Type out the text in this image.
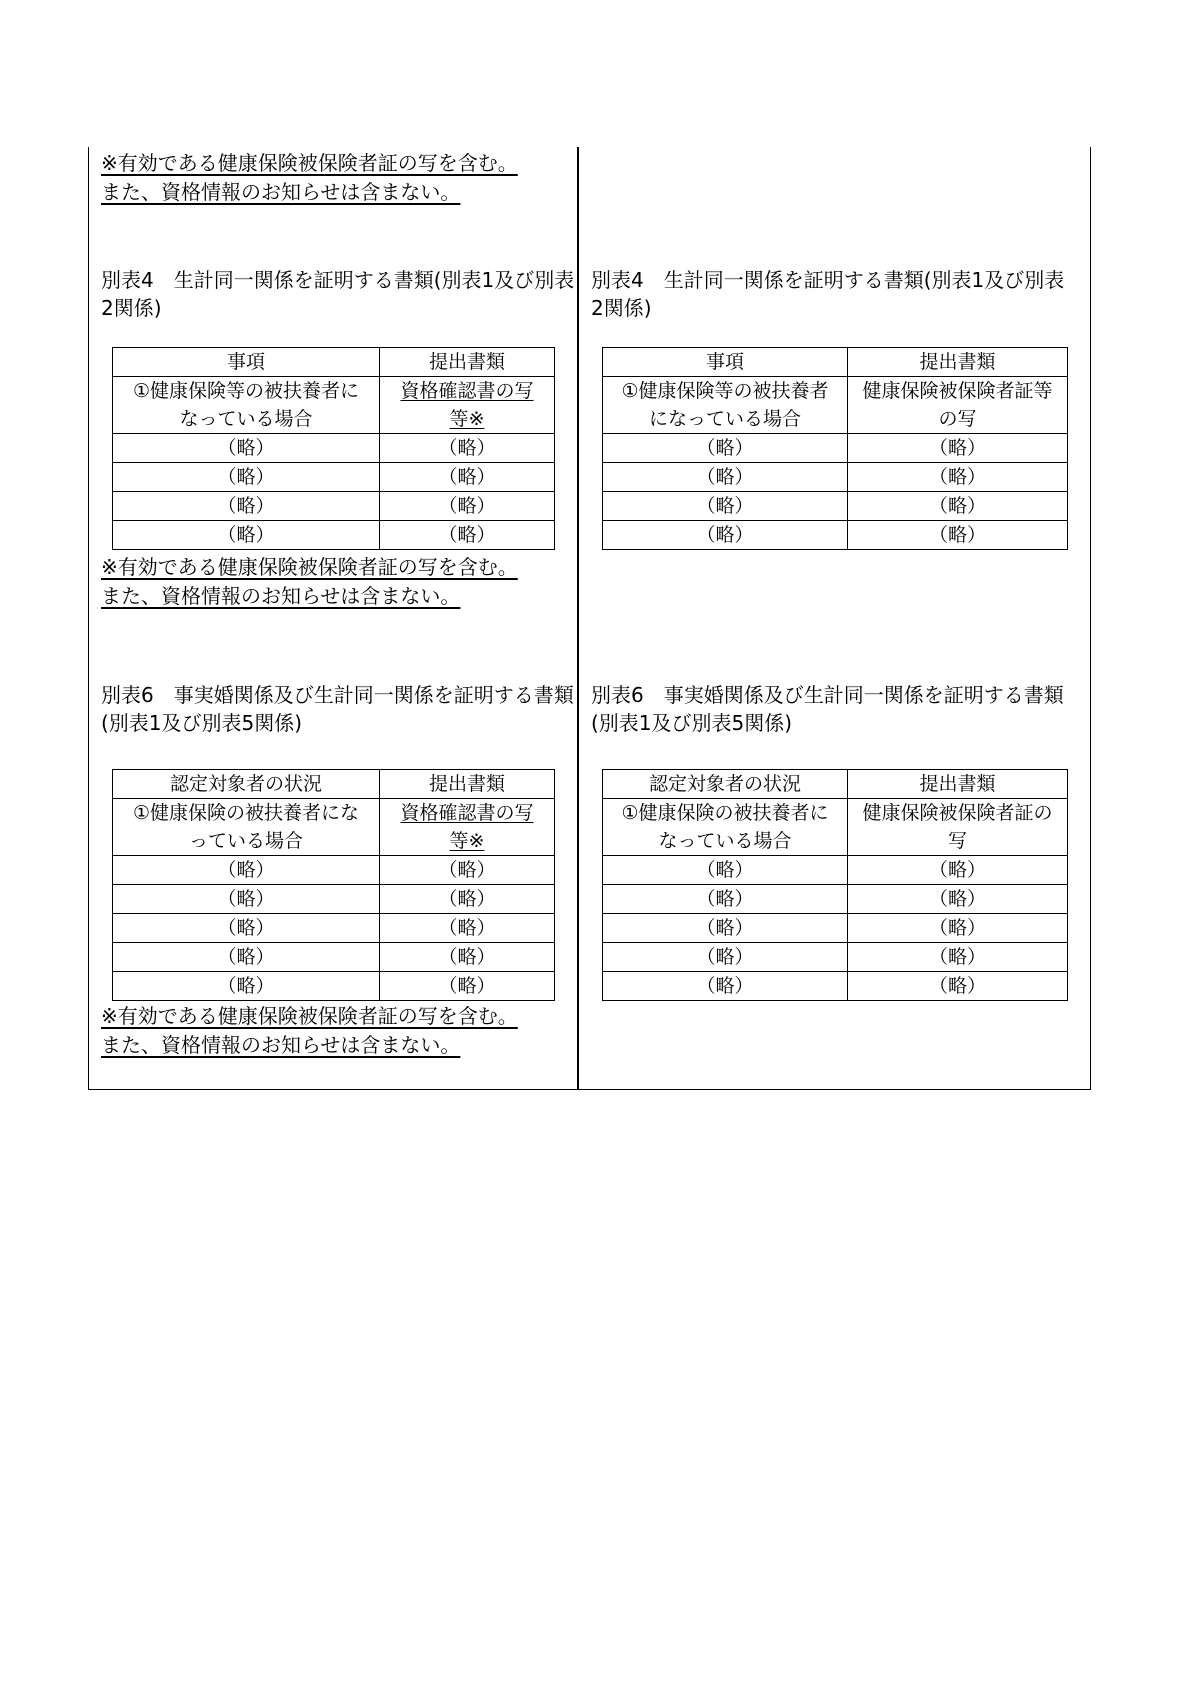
※有効である健康保険被保険者証の写を含む。
また、資格情報のお知らせは含まない。
別表4　生計同一関係を証明する書類(別表1及び別表2関係)
事項	提出書類
①健康保険等の被扶養者になっている場合	資格確認書の写等※
（略）	（略）
（略）	（略）
（略）	（略）
（略）	（略）
※有効である健康保険被保険者証の写を含む。
また、資格情報のお知らせは含まない。
別表6　事実婚関係及び生計同一関係を証明する書類(別表1及び別表5関係)
認定対象者の状況	提出書類
①健康保険の被扶養者になっている場合	資格確認書の写等※
（略）	（略）
（略）	（略）
（略）	（略）
（略）	（略）
（略）	（略）
※有効である健康保険被保険者証の写を含む。
また、資格情報のお知らせは含まない。
別表4　生計同一関係を証明する書類(別表1及び別表2関係)
事項	提出書類
①健康保険等の被扶養者になっている場合	健康保険被保険者証等の写
（略）	（略）
（略）	（略）
（略）	（略）
（略）	（略）
別表6　事実婚関係及び生計同一関係を証明する書類(別表1及び別表5関係)
認定対象者の状況	提出書類
①健康保険の被扶養者になっている場合	健康保険被保険者証の写
（略）	（略）
（略）	（略）
（略）	（略）
（略）	（略）
（略）	（略）
